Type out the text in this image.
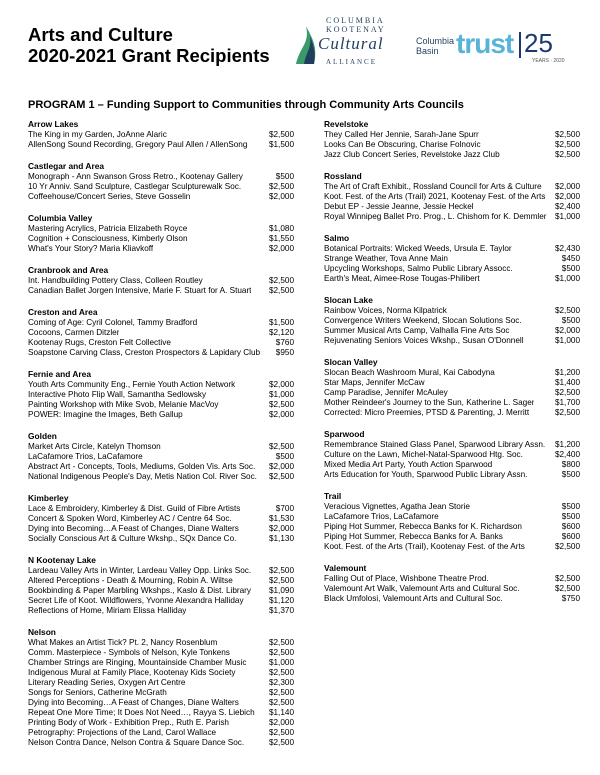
Arts and Culture
2020-2021 Grant Recipients
COLUMBIA
KOOTENAY
Cultural
ALLIANCE
Columbia
Basin trust 25
YEARS · 2020
PROGRAM 1 – Funding Support to Communities through Community Arts Councils
Arrow Lakes
The King in my Garden, JoAnne Alaric	$2,500
AllenSong Sound Recording, Gregory Paul Allen / AllenSong	$1,500
Castlegar and Area
Monograph - Ann Swanson Gross Retro., Kootenay Gallery	$500
10 Yr Anniv. Sand Sculpture, Castlegar Sculpturewalk Soc.	$2,500
Coffeehouse/Concert Series, Steve Gosselin	$2,000
Columbia Valley
Mastering Acrylics, Patricia Elizabeth Royce	$1,080
Cognition + Consciousness, Kimberly Olson	$1,550
What's Your Story? Maria Kliavkoff	$2,000
Cranbrook and Area
Int. Handbuilding Pottery Class, Colleen Routley	$2,500
Canadian Ballet Jorgen Intensive, Marie F. Stuart for A. Stuart	$2,500
Creston and Area
Coming of Age: Cyril Colonel, Tammy Bradford	$1,500
Cocoons, Carmen Ditzler	$2,120
Kootenay Rugs, Creston Felt Collective	$760
Soapstone Carving Class, Creston Prospectors & Lapidary Club	$950
Fernie and Area
Youth Arts Community Eng., Fernie Youth Action Network	$2,000
Interactive Photo Flip Wall, Samantha Sedlowsky	$1,000
Painting Workshop with Mike Svob, Melanie MacVoy	$2,500
POWER: Imagine the Images, Beth Gallup	$2,000
Golden
Market Arts Circle, Katelyn Thomson	$2,500
LaCafamore Trios, LaCafamore	$500
Abstract Art - Concepts, Tools, Mediums, Golden Vis. Arts Soc.	$2,000
National Indigenous People's Day, Metis Nation Col. River Soc.	$2,500
Kimberley
Lace & Embroidery, Kimberley & Dist. Guild of Fibre Artists	$700
Concert & Spoken Word, Kimberley AC / Centre 64 Soc.	$1,530
Dying into Becoming…A Feast of Changes, Diane Walters	$2,000
Socially Conscious Art & Culture Wkshp., SQx Dance Co.	$1,130
N Kootenay Lake
Lardeau Valley Arts in Winter, Lardeau Valley Opp. Links Soc.	$2,500
Altered Perceptions - Death & Mourning, Robin A. Wiltse	$2,500
Bookbinding & Paper Marbling Wkshps., Kaslo & Dist. Library	$1,090
Secret Life of Koot. Wildflowers, Yvonne Alexandra Halliday	$1,120
Reflections of Home, Miriam Elissa Halliday	$1,370
Nelson
What Makes an Artist Tick? Pt. 2, Nancy Rosenblum	$2,500
Comm. Masterpiece - Symbols of Nelson, Kyle Tonkens	$2,500
Chamber Strings are Ringing, Mountainside Chamber Music	$1,000
Indigenous Mural at Family Place, Kootenay Kids Society	$2,500
Literary Reading Series, Oxygen Art Centre	$2,300
Songs for Seniors, Catherine McGrath	$2,500
Dying into Becoming…A Feast of Changes, Diane Walters	$2,500
Repeat One More Time; It Does Not Need…, Rayya S. Liebich	$1,140
Printing Body of Work - Exhibition Prep., Ruth E. Parish	$2,000
Petrography: Projections of the Land, Carol Wallace	$2,500
Nelson Contra Dance, Nelson Contra & Square Dance Soc.	$2,500
Revelstoke
They Called Her Jennie, Sarah-Jane Spurr	$2,500
Looks Can Be Obscuring, Charise Folnovic	$2,500
Jazz Club Concert Series, Revelstoke Jazz Club	$2,500
Rossland
The Art of Craft Exhibit., Rossland Council for Arts & Culture	$2,000
Koot. Fest. of the Arts (Trail) 2021, Kootenay Fest. of the Arts	$2,000
Debut EP - Jessie Jeanne, Jessie Heckel	$2,400
Royal Winnipeg Ballet Pro. Prog., L. Chishom for K. Demmler	$1,000
Salmo
Botanical Portraits: Wicked Weeds, Ursula E. Taylor	$2,430
Strange Weather, Tova Anne Main	$450
Upcycling Workshops, Salmo Public Library Assocc.	$500
Earth's Meat, Aimee-Rose Tougas-Philibert	$1,000
Slocan Lake
Rainbow Voices, Norma Kilpatrick	$2,500
Convergence Writers Weekend, Slocan Solutions Soc.	$500
Summer Musical Arts Camp, Valhalla Fine Arts Soc	$2,000
Rejuvenating Seniors Voices Wkshp., Susan O'Donnell	$1,000
Slocan Valley
Slocan Beach Washroom Mural, Kai Cabodyna	$1,200
Star Maps, Jennifer McCaw	$1,400
Camp Paradise, Jennifer McAuley	$2,500
Mother Reindeer's Journey to the Sun, Katherine L. Sager	$1,700
Corrected: Micro Preemies, PTSD & Parenting, J. Merritt	$2,500
Sparwood
Remembrance Stained Glass Panel, Sparwood Library Assn.	$1,200
Culture on the Lawn, Michel-Natal-Sparwood Htg. Soc.	$2,400
Mixed Media Art Party, Youth Action Sparwood	$800
Arts Education for Youth, Sparwood Public Library Assn.	$500
Trail
Veracious Vignettes, Agatha Jean Storie	$500
LaCafamore Trios, LaCafamore	$500
Piping Hot Summer, Rebecca Banks for K. Richardson	$600
Piping Hot Summer, Rebecca Banks for A. Banks	$600
Koot. Fest. of the Arts (Trail), Kootenay Fest. of the Arts	$2,500
Valemount
Falling Out of Place, Wishbone Theatre Prod.	$2,500
Valemount Art Walk, Valemount Arts and Cultural Soc.	$2,500
Black Umfolosi, Valemount Arts and Cultural Soc.	$750
